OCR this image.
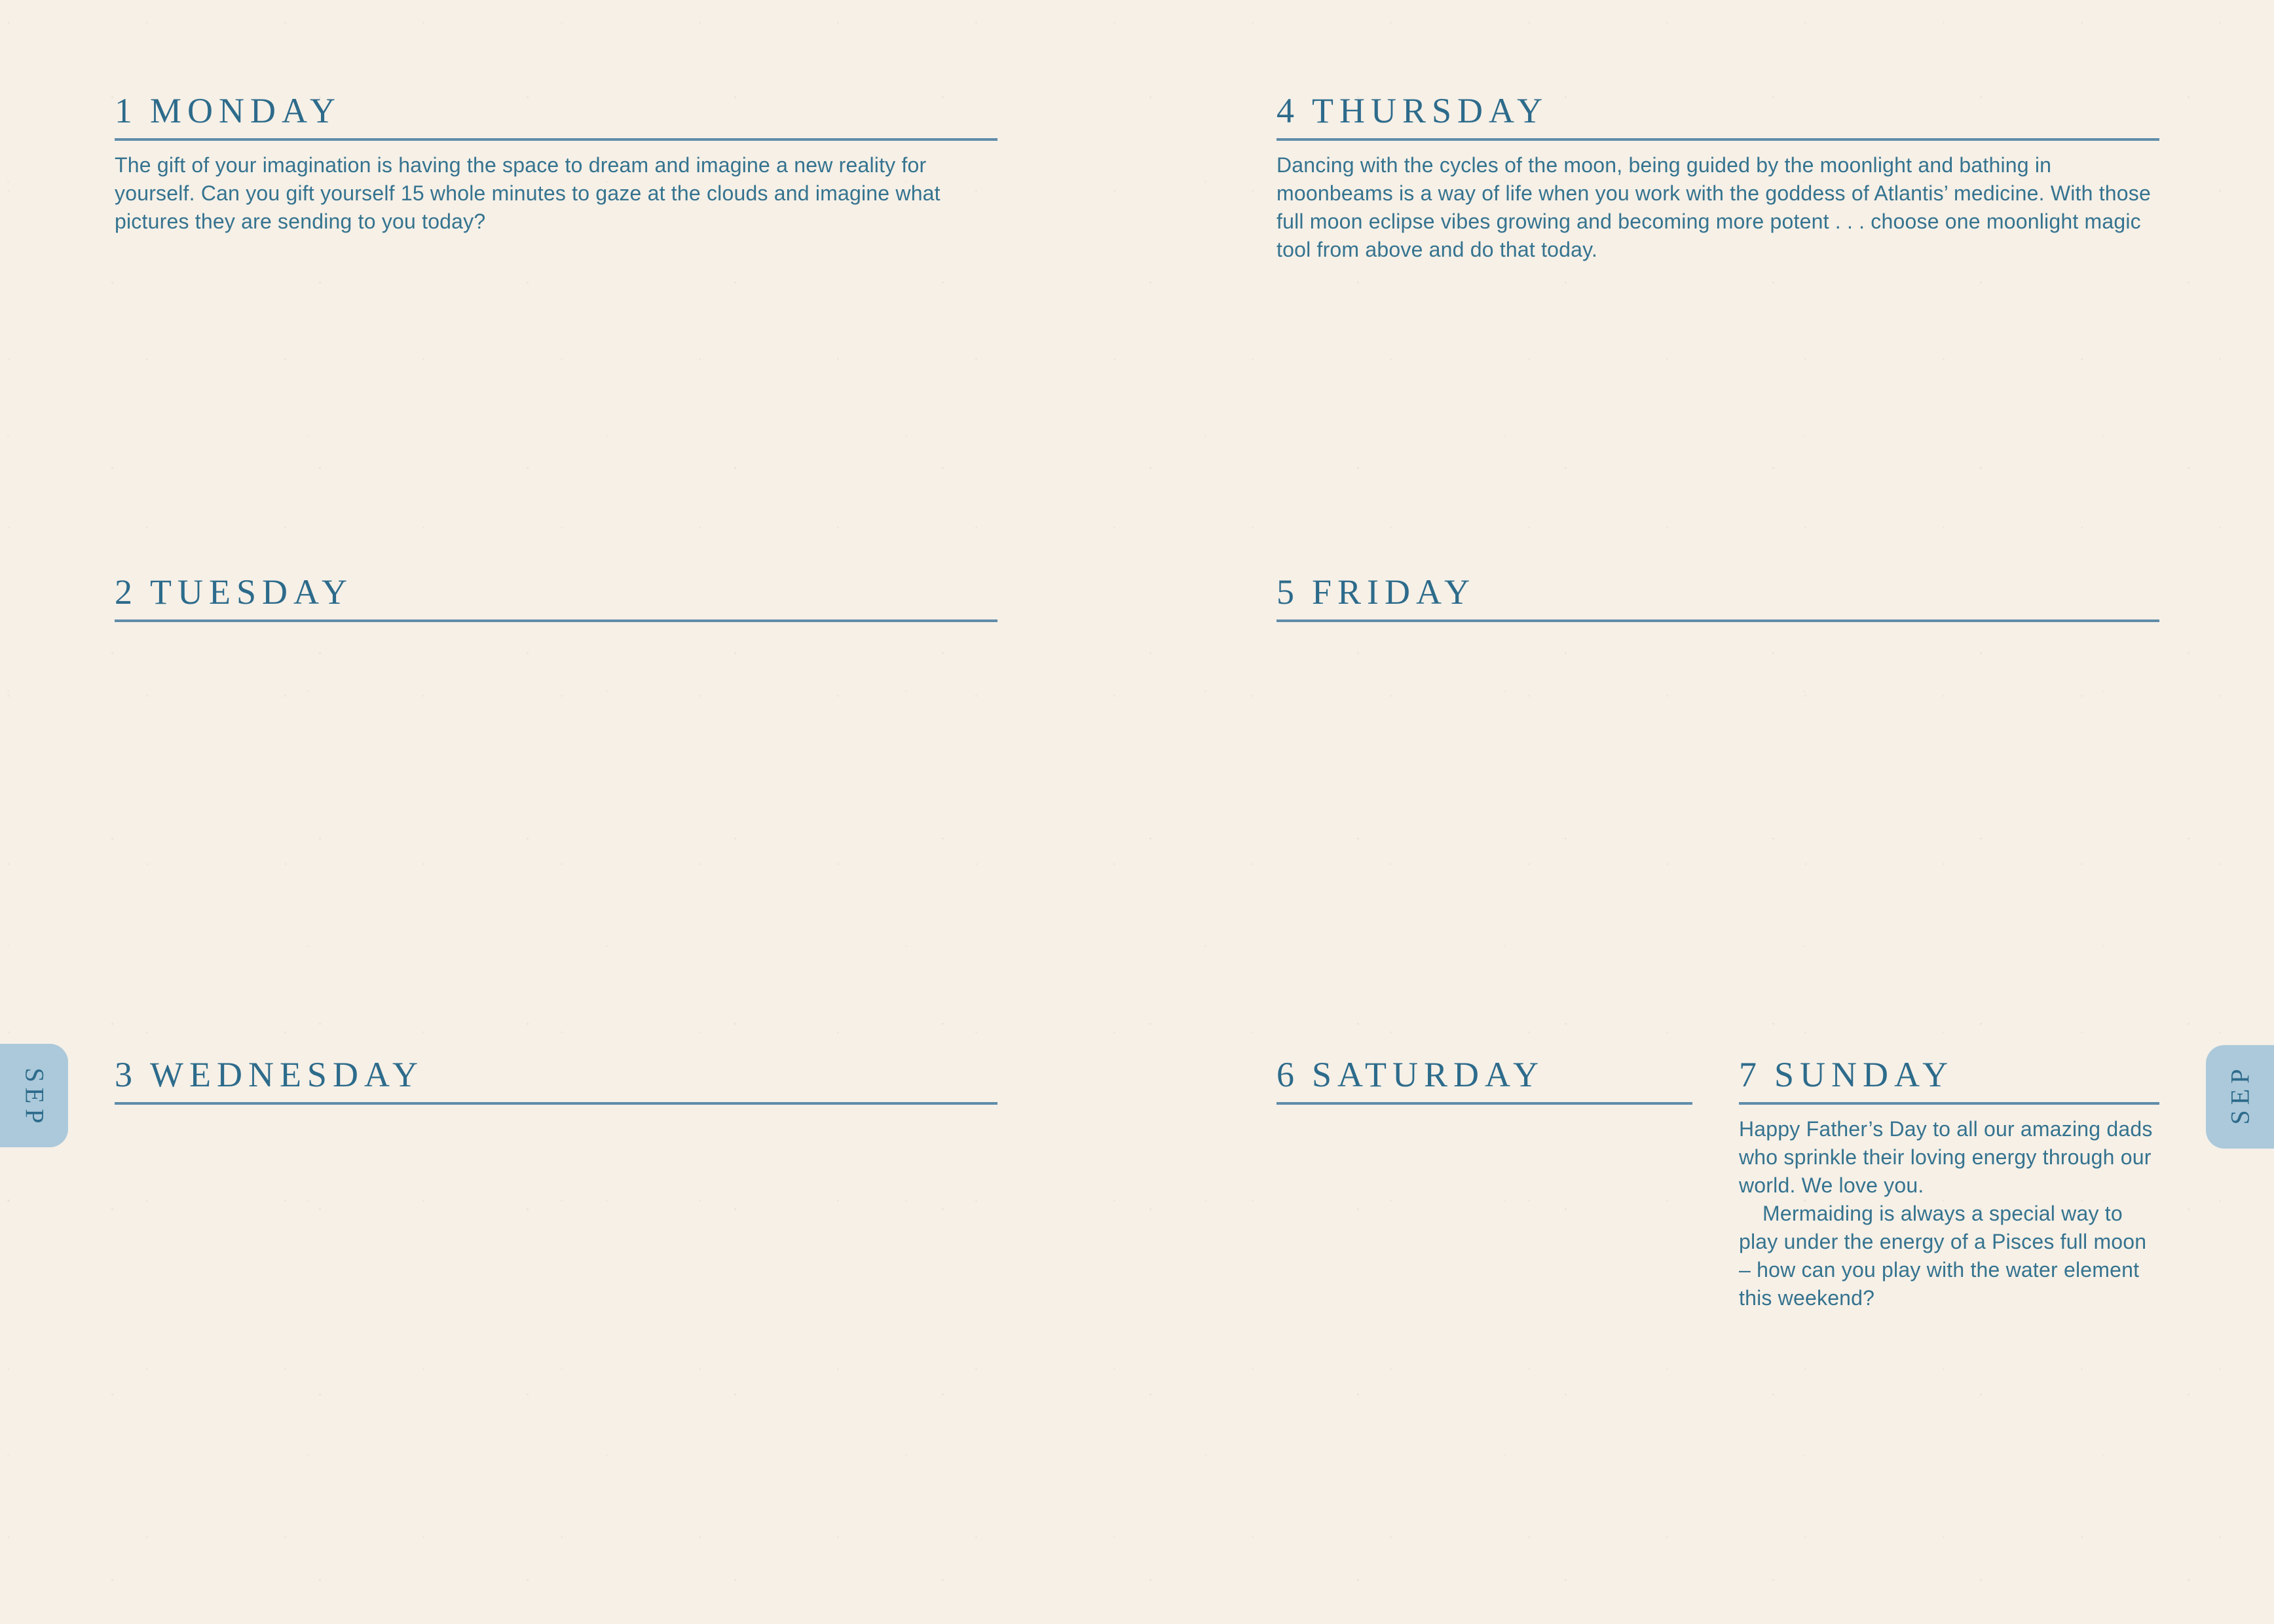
1 MONDAY

The gift of your imagination is having the space to dream and imagine a new reality for yourself. Can you gift yourself 15 whole minutes to gaze at the clouds and imagine what pictures they are sending to you today?

2 TUESDAY
3 WEDNESDAY
SEP
4 THURSDAY

Dancing with the cycles of the moon, being guided by the moonlight and bathing in moonbeams is a way of life when you work with the goddess of Atlantis’ medicine. With those full moon eclipse vibes growing and becoming more potent . . . choose one moonlight magic tool from above and do that today.

5 FRIDAY
6 SATURDAY	7 SUNDAY

Happy Father’s Day to all our amazing dads who sprinkle their loving energy through our world. We love you.

Mermaiding is always a special way to play under the energy of a Pisces full moon – how can you play with the water element this weekend?

SEP
